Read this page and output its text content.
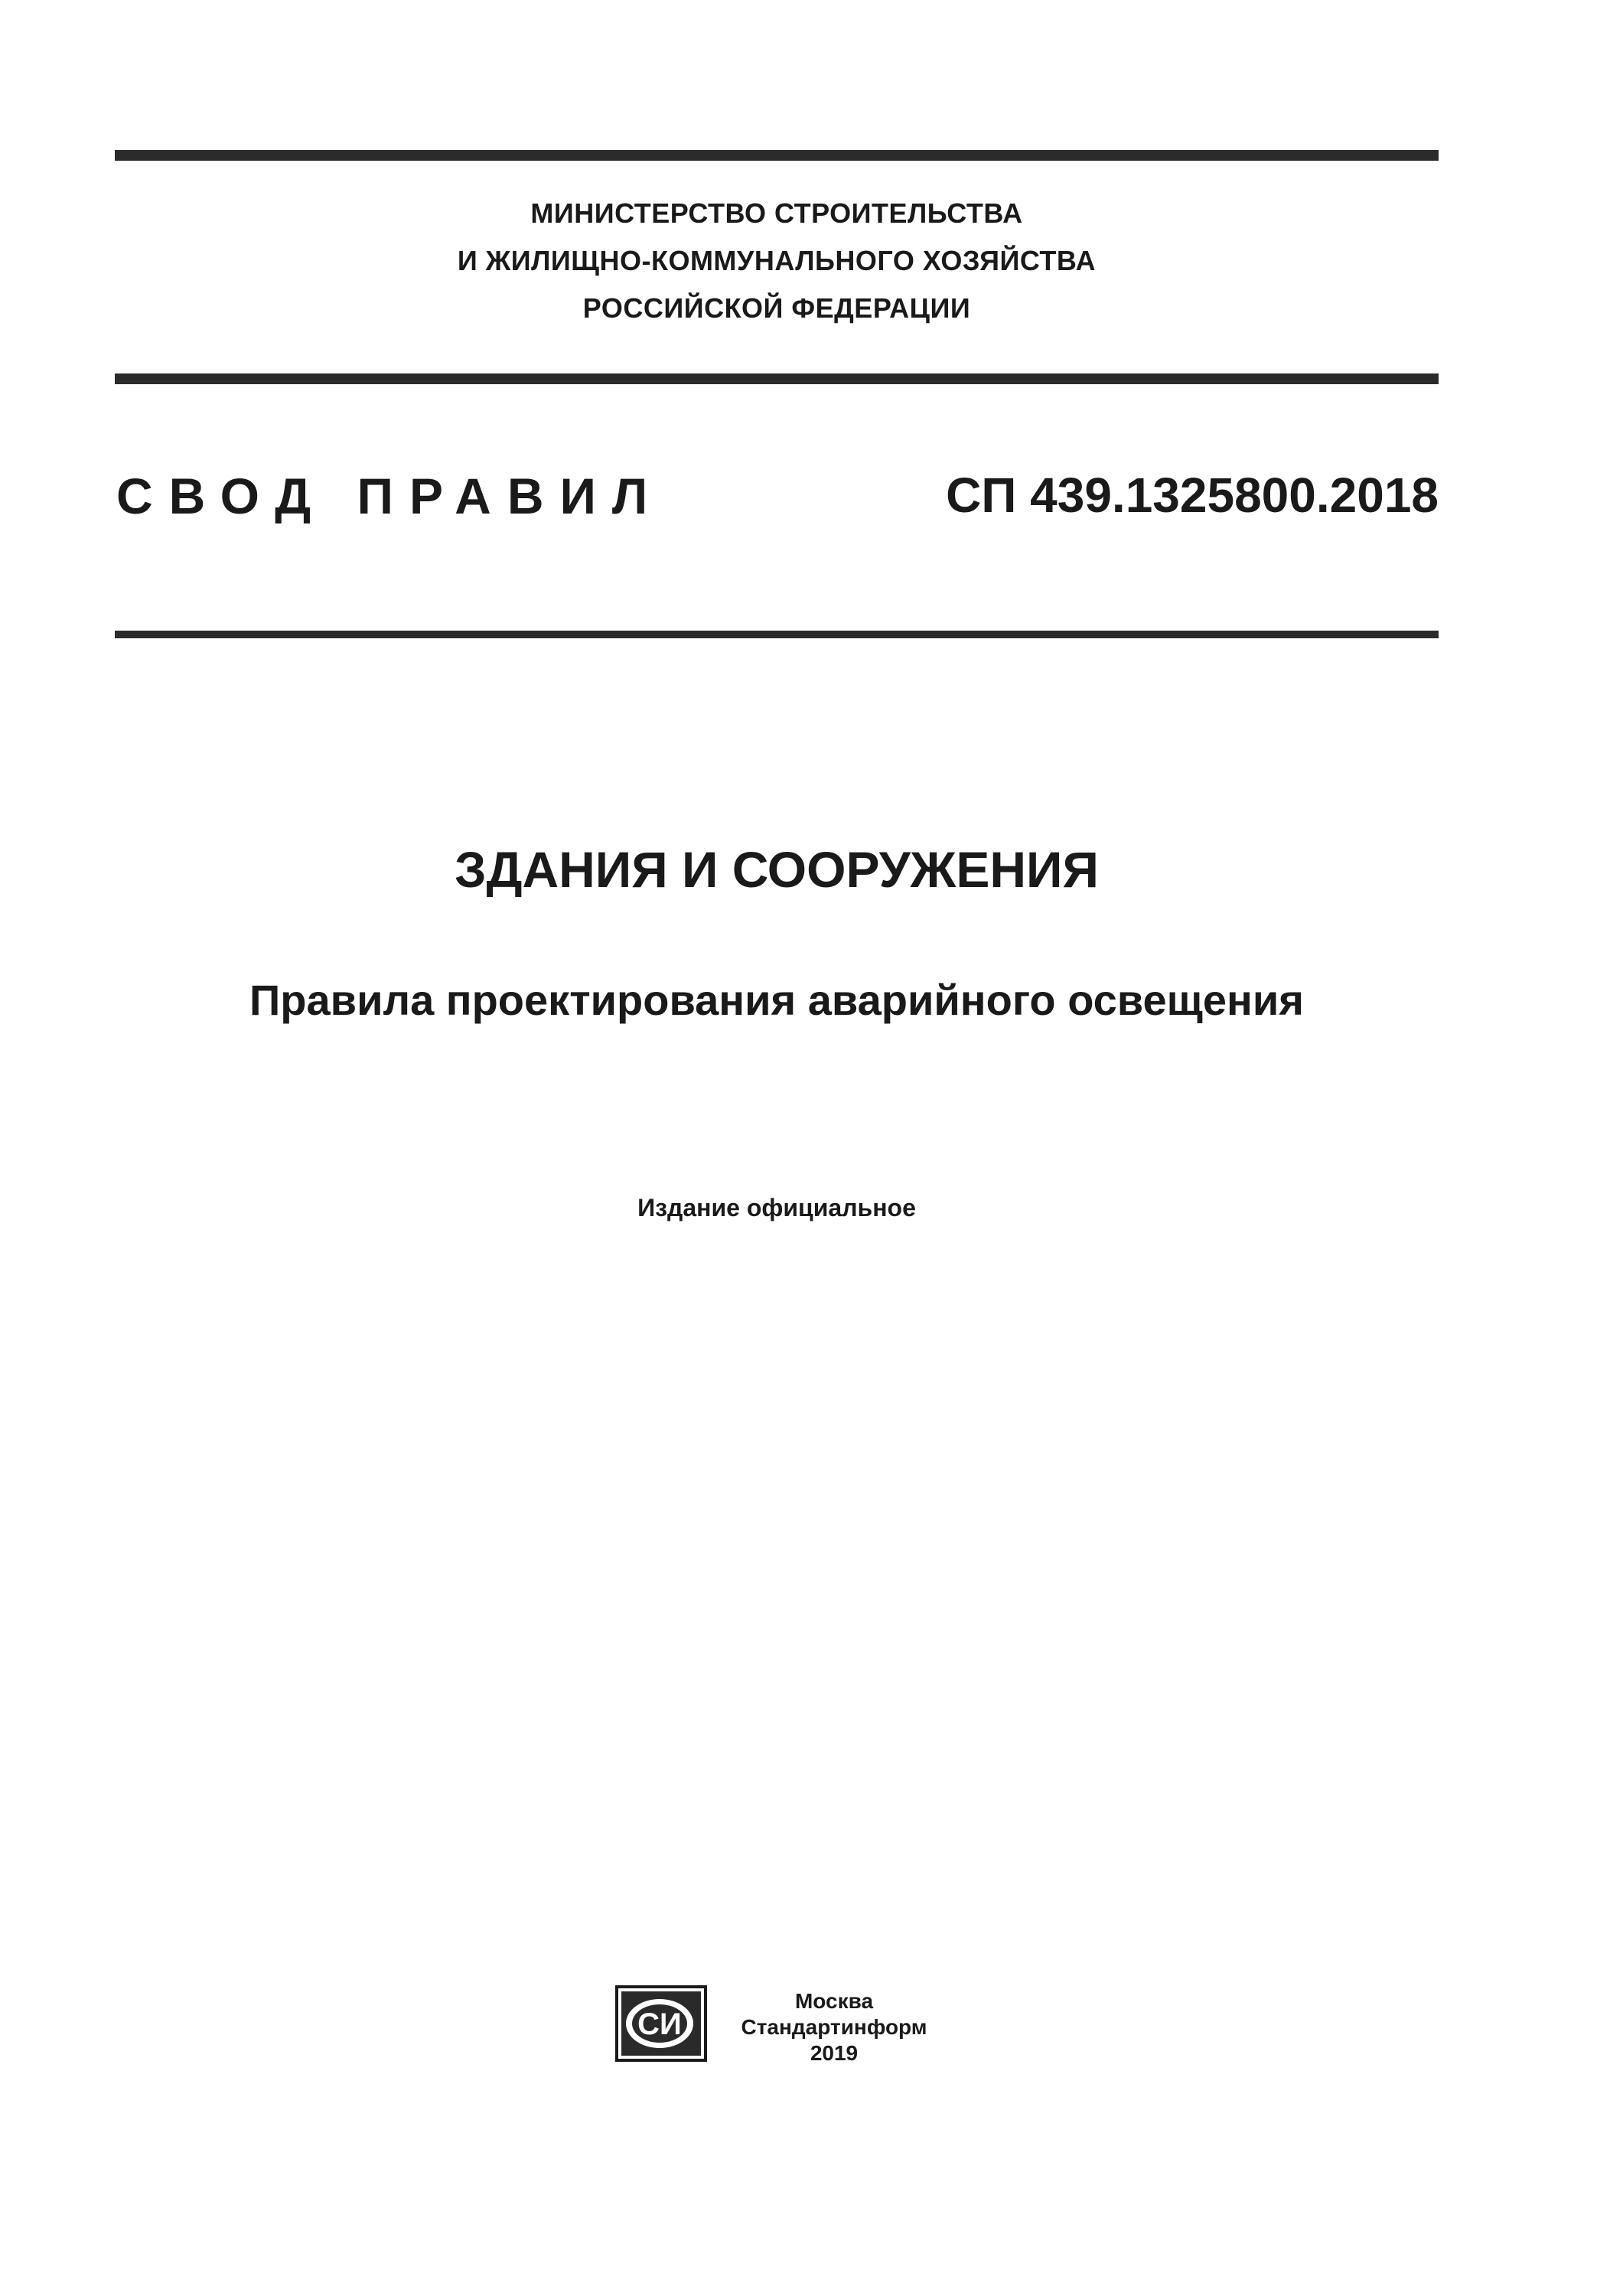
МИНИСТЕРСТВО СТРОИТЕЛЬСТВА
И ЖИЛИЩНО-КОММУНАЛЬНОГО ХОЗЯЙСТВА
РОССИЙСКОЙ ФЕДЕРАЦИИ
СВОД ПРАВИЛ	СП 439.1325800.2018
ЗДАНИЯ И СООРУЖЕНИЯ
Правила проектирования аварийного освещения
Издание официальное
СИ
Москва
Стандартинформ
2019
